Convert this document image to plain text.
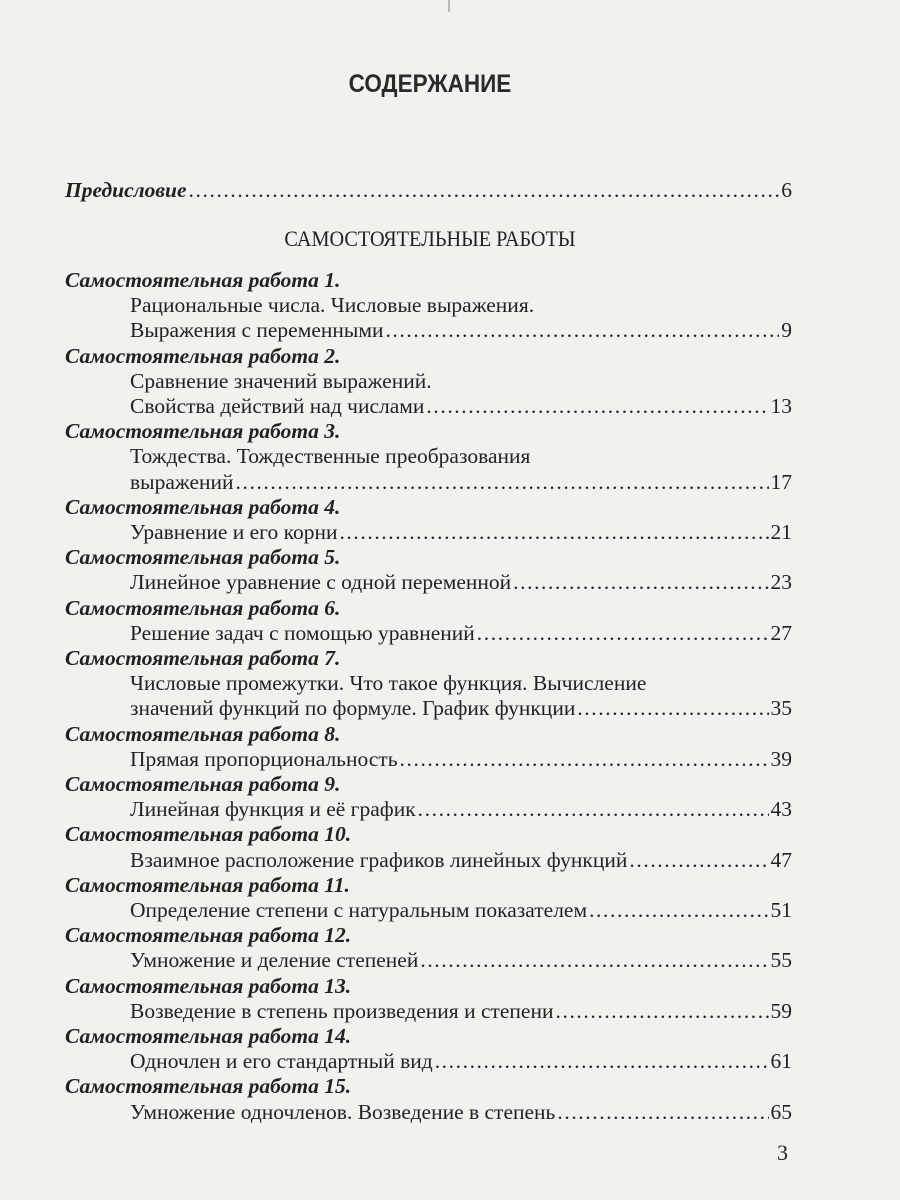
СОДЕРЖАНИЕ
Предисловие .....	6
САМОСТОЯТЕЛЬНЫЕ РАБОТЫ
Самостоятельная работа 1.
Рациональные числа. Числовые выражения.
Выражения с переменными .....	9
Самостоятельная работа 2.
Сравнение значений выражений.
Свойства действий над числами .....	13
Самостоятельная работа 3.
Тождества. Тождественные преобразования
выражений .....	17
Самостоятельная работа 4.
Уравнение и его корни .....	21
Самостоятельная работа 5.
Линейное уравнение с одной переменной .....	23
Самостоятельная работа 6.
Решение задач с помощью уравнений .....	27
Самостоятельная работа 7.
Числовые промежутки. Что такое функция. Вычисление
значений функций по формуле. График функции .....	35
Самостоятельная работа 8.
Прямая пропорциональность .....	39
Самостоятельная работа 9.
Линейная функция и её график .....	43
Самостоятельная работа 10.
Взаимное расположение графиков линейных функций .....	47
Самостоятельная работа 11.
Определение степени с натуральным показателем .....	51
Самостоятельная работа 12.
Умножение и деление степеней .....	55
Самостоятельная работа 13.
Возведение в степень произведения и степени .....	59
Самостоятельная работа 14.
Одночлен и его стандартный вид .....	61
Самостоятельная работа 15.
Умножение одночленов. Возведение в степень .....	65
3
